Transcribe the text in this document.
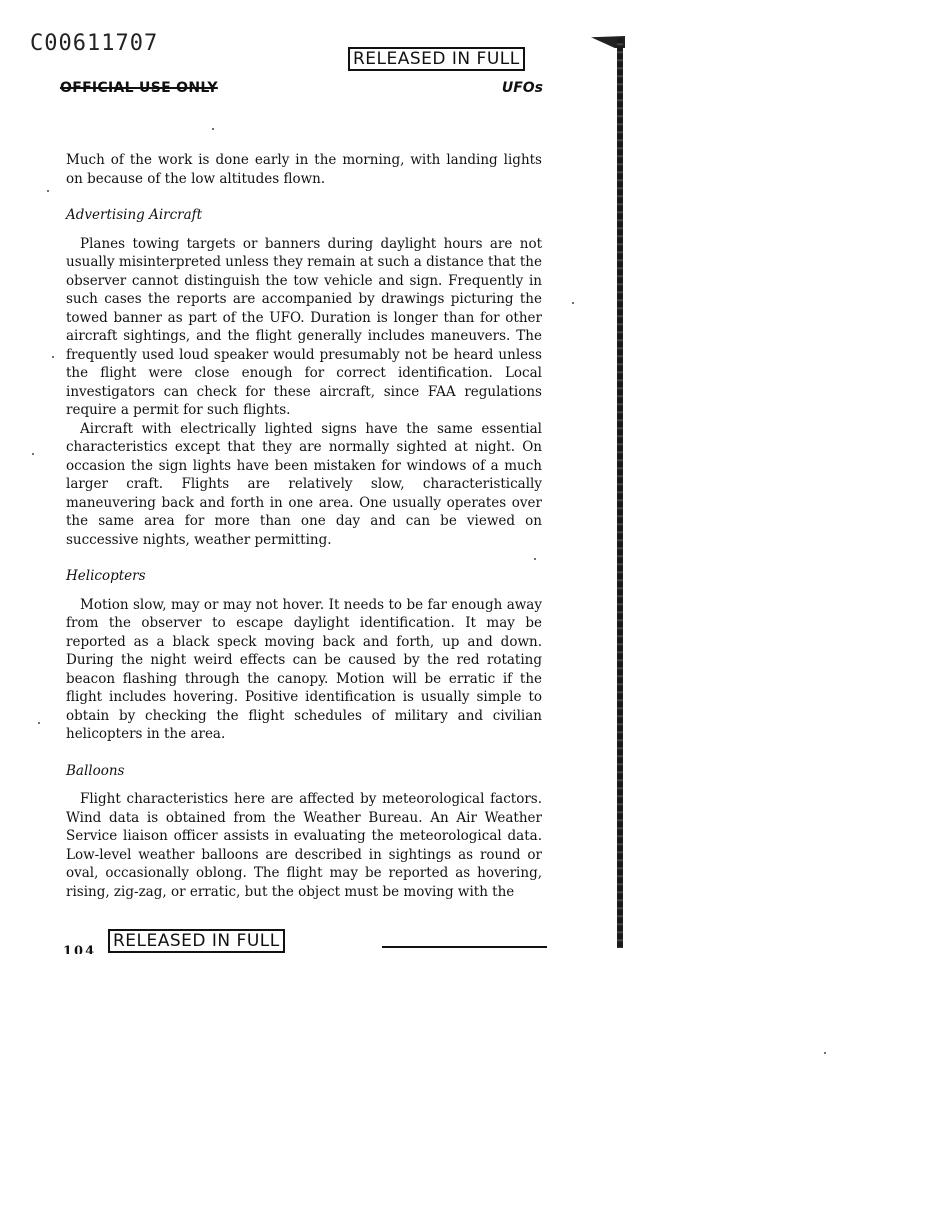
C00611707
RELEASED IN FULL
OFFICIAL USE ONLY	UFOs

Much of the work is done early in the morning, with landing lights on because of the low altitudes flown.

Advertising Aircraft

Planes towing targets or banners during daylight hours are not usually misinterpreted unless they remain at such a distance that the observer cannot distinguish the tow vehicle and sign. Frequently in such cases the reports are accompanied by drawings picturing the towed banner as part of the UFO. Duration is longer than for other aircraft sightings, and the flight generally includes maneuvers. The frequently used loud speaker would presumably not be heard unless the flight were close enough for correct identification. Local investigators can check for these aircraft, since FAA regulations require a permit for such flights.

Aircraft with electrically lighted signs have the same essential characteristics except that they are normally sighted at night. On occasion the sign lights have been mistaken for windows of a much larger craft. Flights are relatively slow, characteristically maneuvering back and forth in one area. One usually operates over the same area for more than one day and can be viewed on successive nights, weather permitting.

Helicopters

Motion slow, may or may not hover. It needs to be far enough away from the observer to escape daylight identification. It may be reported as a black speck moving back and forth, up and down. During the night weird effects can be caused by the red rotating beacon flashing through the canopy. Motion will be erratic if the flight includes hovering. Positive identification is usually simple to obtain by checking the flight schedules of military and civilian helicopters in the area.

Balloons

Flight characteristics here are affected by meteorological factors. Wind data is obtained from the Weather Bureau. An Air Weather Service liaison officer assists in evaluating the meteorological data. Low-level weather balloons are described in sightings as round or oval, occasionally oblong. The flight may be reported as hovering, rising, zig-zag, or erratic, but the object must be moving with the

104
RELEASED IN FULL
